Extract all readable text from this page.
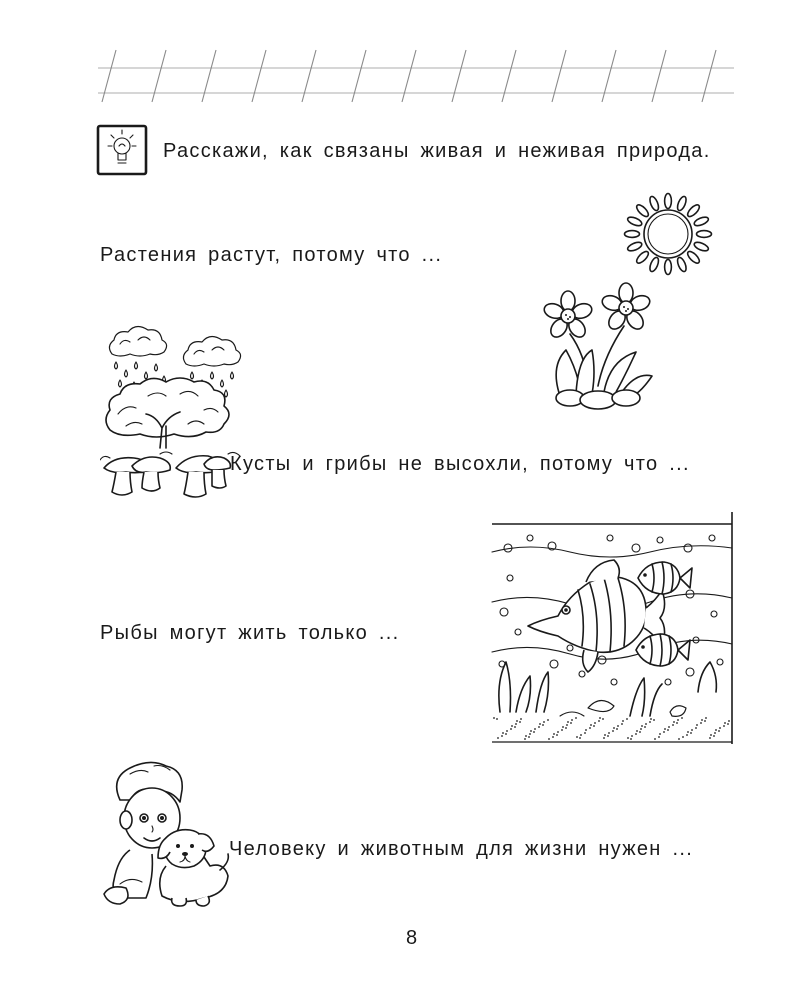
Расскажи, как связаны живая и неживая природа.
Растения растут, потому что ...
Кусты и грибы не высохли, потому что ...
Рыбы могут жить только ...
Человеку и животным для жизни нужен ...
8
